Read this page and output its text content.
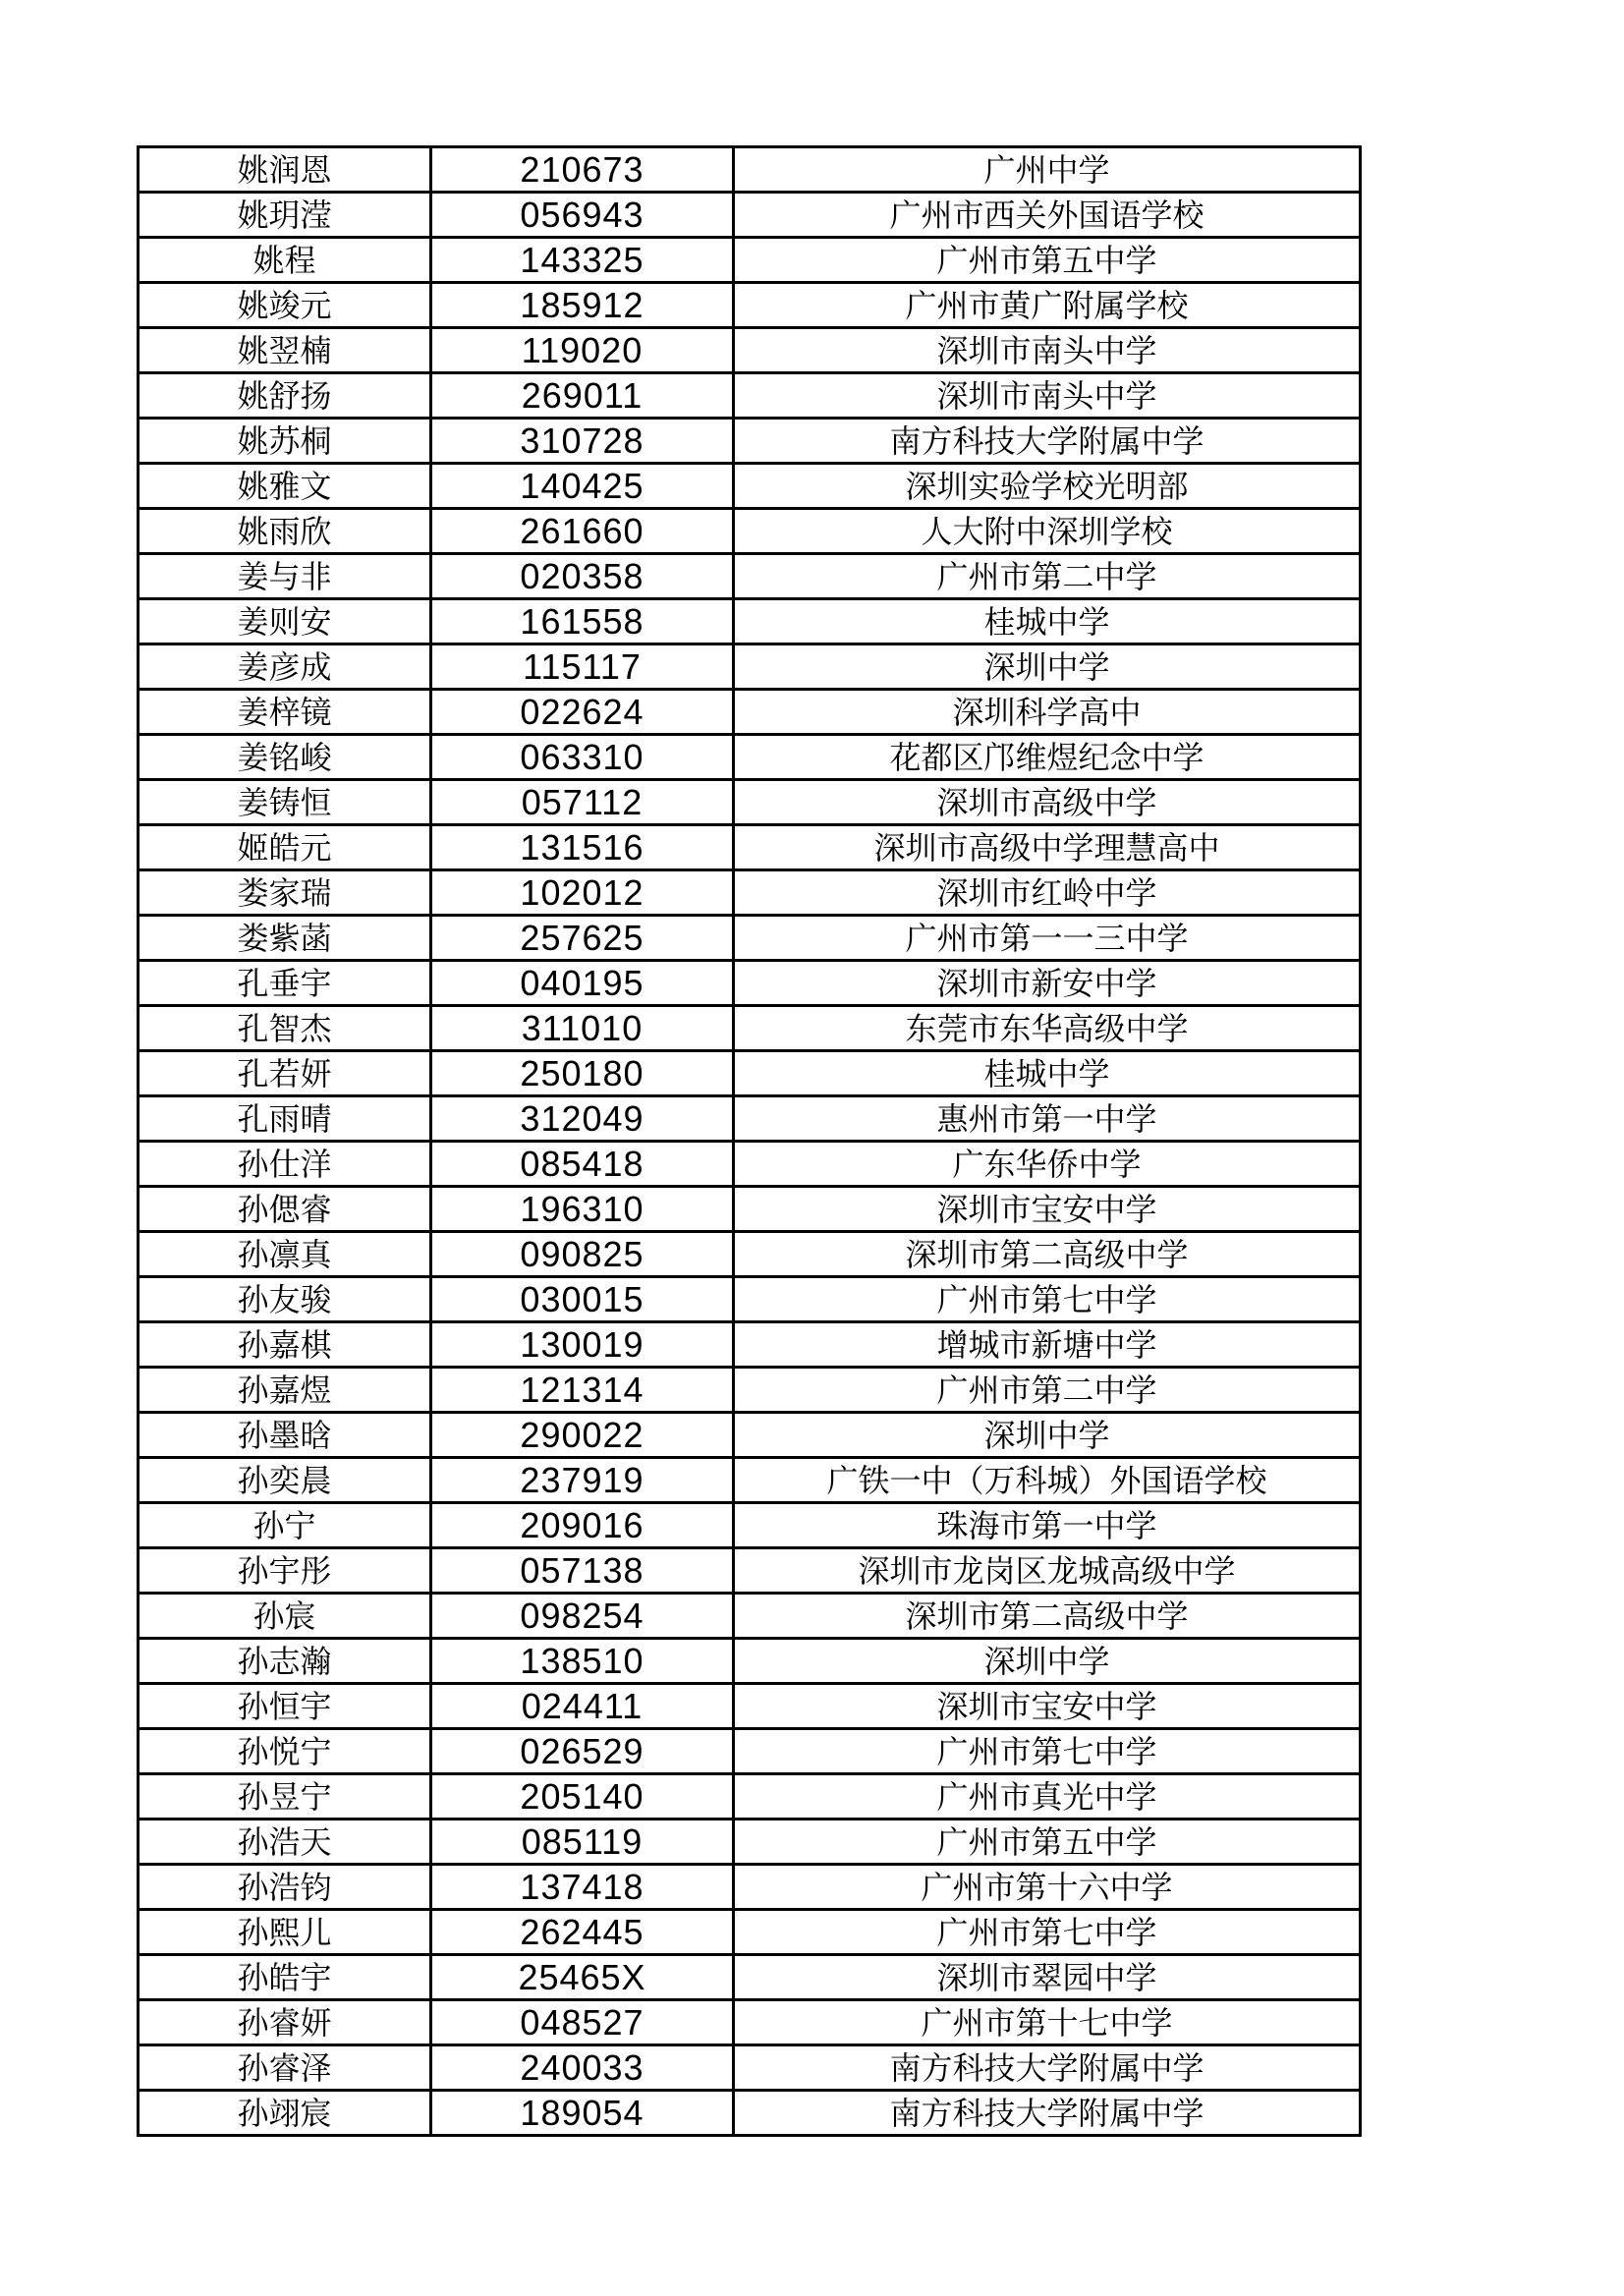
姚润恩	210673	广州中学
姚玥滢	056943	广州市西关外国语学校
姚程	143325	广州市第五中学
姚竣元	185912	广州市黄广附属学校
姚翌楠	119020	深圳市南头中学
姚舒扬	269011	深圳市南头中学
姚苏桐	310728	南方科技大学附属中学
姚雅文	140425	深圳实验学校光明部
姚雨欣	261660	人大附中深圳学校
姜与非	020358	广州市第二中学
姜则安	161558	桂城中学
姜彦成	115117	深圳中学
姜梓镜	022624	深圳科学高中
姜铭峻	063310	花都区邝维煜纪念中学
姜铸恒	057112	深圳市高级中学
姬皓元	131516	深圳市高级中学理慧高中
娄家瑞	102012	深圳市红岭中学
娄紫菡	257625	广州市第一一三中学
孔垂宇	040195	深圳市新安中学
孔智杰	311010	东莞市东华高级中学
孔若妍	250180	桂城中学
孔雨晴	312049	惠州市第一中学
孙仕洋	085418	广东华侨中学
孙偲睿	196310	深圳市宝安中学
孙凛真	090825	深圳市第二高级中学
孙友骏	030015	广州市第七中学
孙嘉棋	130019	增城市新塘中学
孙嘉煜	121314	广州市第二中学
孙墨晗	290022	深圳中学
孙奕晨	237919	广铁一中（万科城）外国语学校
孙宁	209016	珠海市第一中学
孙宇彤	057138	深圳市龙岗区龙城高级中学
孙宸	098254	深圳市第二高级中学
孙志瀚	138510	深圳中学
孙恒宇	024411	深圳市宝安中学
孙悦宁	026529	广州市第七中学
孙昱宁	205140	广州市真光中学
孙浩天	085119	广州市第五中学
孙浩钧	137418	广州市第十六中学
孙熙儿	262445	广州市第七中学
孙皓宇	25465X	深圳市翠园中学
孙睿妍	048527	广州市第十七中学
孙睿泽	240033	南方科技大学附属中学
孙翊宸	189054	南方科技大学附属中学
